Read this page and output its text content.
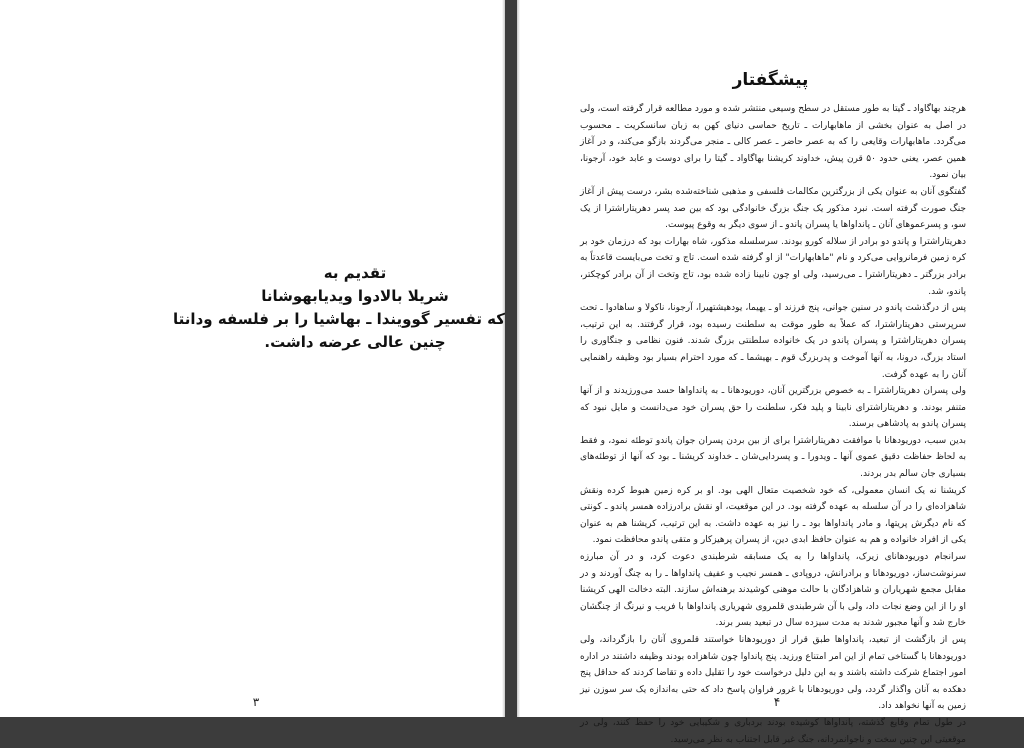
تقدیم به
شریلا بالادوا ویدیابهوشانا
که تفسیر گوویندا ـ بهاشیا را بر فلسفه ودانتا
چنین عالی عرضه داشت.
۳
پیشگفتار

هرچند بهاگاواد ـ گیتا به طور مستقل در سطح وسیعی منتشر شده و مورد مطالعه قرار گرفته است، ولی در اصل به عنوان بخشی از ماهابهارات ـ تاریخ حماسی دنیای کهن به زبان سانسکریت ـ محسوب می‌گردد. ماهابهارات وقایعی را که به عصر حاضر ـ عصر کالی ـ منجر می‌گردند بازگو می‌کند، و در آغاز همین عصر، یعنی حدود ۵۰ قرن پیش، خداوند کریشنا بهاگاواد ـ گیتا را برای دوست و عابد خود، آرجونا، بیان نمود.

گفتگوی آنان به عنوان یکی از بزرگترین مکالمات فلسفی و مذهبی شناخته‌شده بشر، درست پیش از آغاز جنگ صورت گرفته است. نبرد مذکور یک جنگ بزرگ خانوادگی بود که بین صد پسر دهریتاراشترا از یک سو، و پسرعموهای آنان ـ پانداواها یا پسران پاندو ـ از سوی دیگر به وقوع پیوست.

دهریتاراشترا و پاندو دو برادر از سلاله کورو بودند. سرسلسله مذکور، شاه بهارات بود که درزمان خود بر کره زمین فرمانروایی می‌کرد و نام "ماهابهارات" از او گرفته شده است. تاج و تخت می‌بایست قاعدتاً به برادر بزرگتر ـ دهریتاراشترا ـ می‌رسید، ولی او چون نابینا زاده شده بود، تاج وتخت از آن برادر کوچکتر، پاندو، شد.

پس از درگذشت پاندو در سنین جوانی، پنج فرزند او ـ یهیما، یودهیشتهیرا، آرجونا، ناکولا و ساهادوا ـ تحت سرپرستی دهریتاراشترا، که عملاً به طور موقت به سلطنت رسیده بود، قرار گرفتند. به این ترتیب، پسران دهریتاراشترا و پسران پاندو در یک خانواده سلطنتی بزرگ شدند. فنون نظامی و جنگاوری را استاد بزرگ، درونا، به آنها آموخت و پدربزرگ قوم ـ بهیشما ـ که مورد احترام بسیار بود وظیفه راهنمایی آنان را به عهده گرفت.

ولی پسران دهریتاراشترا ـ به خصوص بزرگترین آنان، دوریودهانا ـ به پانداواها حسد می‌ورزیدند و از آنها متنفر بودند. و دهریتاراشترای نابینا و پلید فکر، سلطنت را حق پسران خود می‌دانست و مایل نبود که پسران پاندو به پادشاهی برسند.

بدین سبب، دوریودهانا با موافقت دهریتاراشترا برای از بین بردن پسران جوان پاندو توطئه نمود، و فقط به لحاظ حفاظت دقیق عموی آنها ـ ویدورا ـ و پسردایی‌شان ـ خداوند کریشنا ـ بود که آنها از توطئه‌های بسیاری جان سالم بدر بردند.

کریشنا نه یک انسان معمولی، که خود شخصیت متعال الهی بود. او بر کره زمین هبوط کرده ونقش شاهزاده‌ای را در آن سلسله به عهده گرفته بود. در این موقعیت، او نقش برادرزاده همسر پاندو ـ کونتی که نام دیگرش پریتها، و مادر پانداواها بود ـ را نیز به عهده داشت. به این ترتیب، کریشنا هم به عنوان یکی از افراد خانواده و هم به عنوان حافظ ابدی دین، از پسران پرهیزکار و متقی پاندو محافظت نمود.

سرانجام دوریودهانای زیرک، پانداواها را به یک مسابقه شرطبندی دعوت کرد، و در آن مبارزه سرنوشت‌ساز، دوریودهانا و برادرانش، دروپادی ـ همسر نجیب و عفیف پانداواها ـ را به چنگ آوردند و در مقابل مجمع شهریاران و شاهزادگان با حالت موهنی کوشیدند برهنه‌اش سازند. البته دخالت الهی کریشنا او را از این وضع نجات داد، ولی با آن شرطبندی قلمروی شهریاری پانداواها با فریب و نیرنگ از چنگشان خارج شد و آنها مجبور شدند به مدت سیزده سال در تبعید بسر برند.

پس از بازگشت از تبعید، پانداواها طبق قرار از دوریودهانا خواستند قلمروی آنان را بازگرداند، ولی دوریودهانا با گستاخی تمام از این امر امتناع ورزید. پنج پانداوا چون شاهزاده بودند وظیفه داشتند در اداره امور اجتماع شرکت داشته باشند و به این دلیل درخواست خود را تقلیل داده و تقاضا کردند که حداقل پنج دهکده به آنان واگذار گردد، ولی دوریودهانا با غرور فراوان پاسخ داد که حتی به‌اندازه یک سر سوزن نیز زمین به آنها نخواهد داد.

در طول تمام وقایع گذشته، پانداواها کوشیده بودند بردباری و شکیبایی خود را حفظ کنند، ولی در موقعیتی این چنین سخت و ناجوانمردانه، جنگ غیر قابل اجتناب به نظر می‌رسید.

۴
